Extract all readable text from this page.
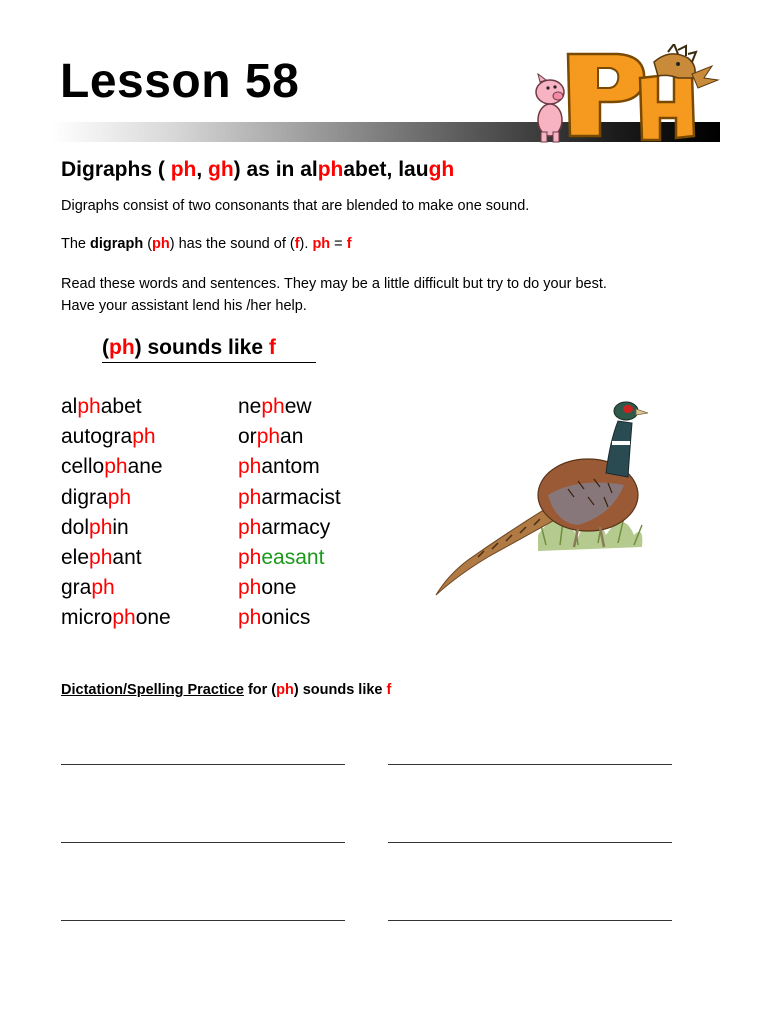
Lesson 58
Digraphs ( ph, gh) as in alphabet, laugh
Digraphs consist of two consonants that are blended to make one sound.
The digraph (ph) has the sound of (f). ph = f
Read these words and sentences. They may be a little difficult but try to do your best.
Have your assistant lend his /her help.
(ph) sounds like f
alphabet
autograph
cellophane
digraph
dolphin
elephant
graph
microphone
nephew
orphan
phantom
pharmacist
pharmacy
pheasant
phone
phonics
Dictation/Spelling Practice for (ph) sounds like f
